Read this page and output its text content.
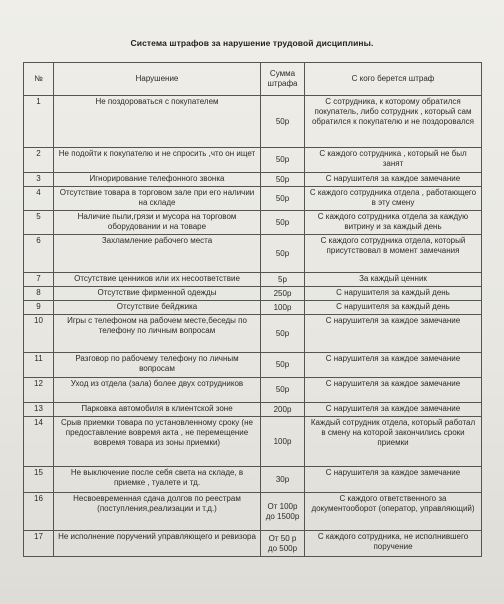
Система штрафов за нарушение трудовой дисциплины.
№	Нарушение	Сумма штрафа	С кого берется штраф
1	Не поздороваться с покупателем	50р	С сотрудника, к которому обратился покупатель, либо сотрудник , который сам обратился к покупателю и не поздоровался
2	Не подойти к покупателю и не спросить ,что он ищет	50р	С каждого сотрудника , который не был занят
3	Игнорирование телефонного звонка	50р	С нарушителя за каждое замечание
4	Отсутствие товара в торговом зале при его наличии на складе	50р	С каждого сотрудника отдела , работающего в эту смену
5	Наличие пыли,грязи и мусора на торговом оборудовании и на товаре	50р	С каждого сотрудника отдела за каждую витрину и за каждый день
6	Захламление рабочего места	50р	С каждого сотрудника отдела, который присутствовал в момент замечания
7	Отсутствие ценников или их несоответствие	5р	За каждый ценник
8	Отсутствие фирменной одежды	250р	С нарушителя за каждый день
9	Отсутствие бейджика	100р	С нарушителя за каждый день
10	Игры с телефоном на рабочем месте,беседы по телефону по личным вопросам	50р	С нарушителя за каждое замечание
11	Разговор по рабочему телефону по личным вопросам	50р	С нарушителя за каждое замечание
12	Уход из отдела (зала) более двух сотрудников	50р	С нарушителя за каждое замечание
13	Парковка автомобиля в клиентской зоне	200р	С нарушителя за каждое замечание
14	Срыв приемки товара по установленному сроку (не предоставление вовремя акта , не перемещение вовремя товара из зоны приемки)	100р	Каждый сотрудник отдела, который работал в смену на которой закончились сроки приемки
15	Не выключение после себя света на складе, в приемке , туалете и тд.	30р	С нарушителя за каждое замечание
16	Несвоевременная сдача долгов по реестрам (поступления,реализации и т.д.)	От 100р до 1500р	С каждого ответственного за документооборот (оператор, управляющий)
17	Не исполнение поручений управляющего и ревизора	От 50 р до 500р	С каждого сотрудника, не исполнившего поручение
